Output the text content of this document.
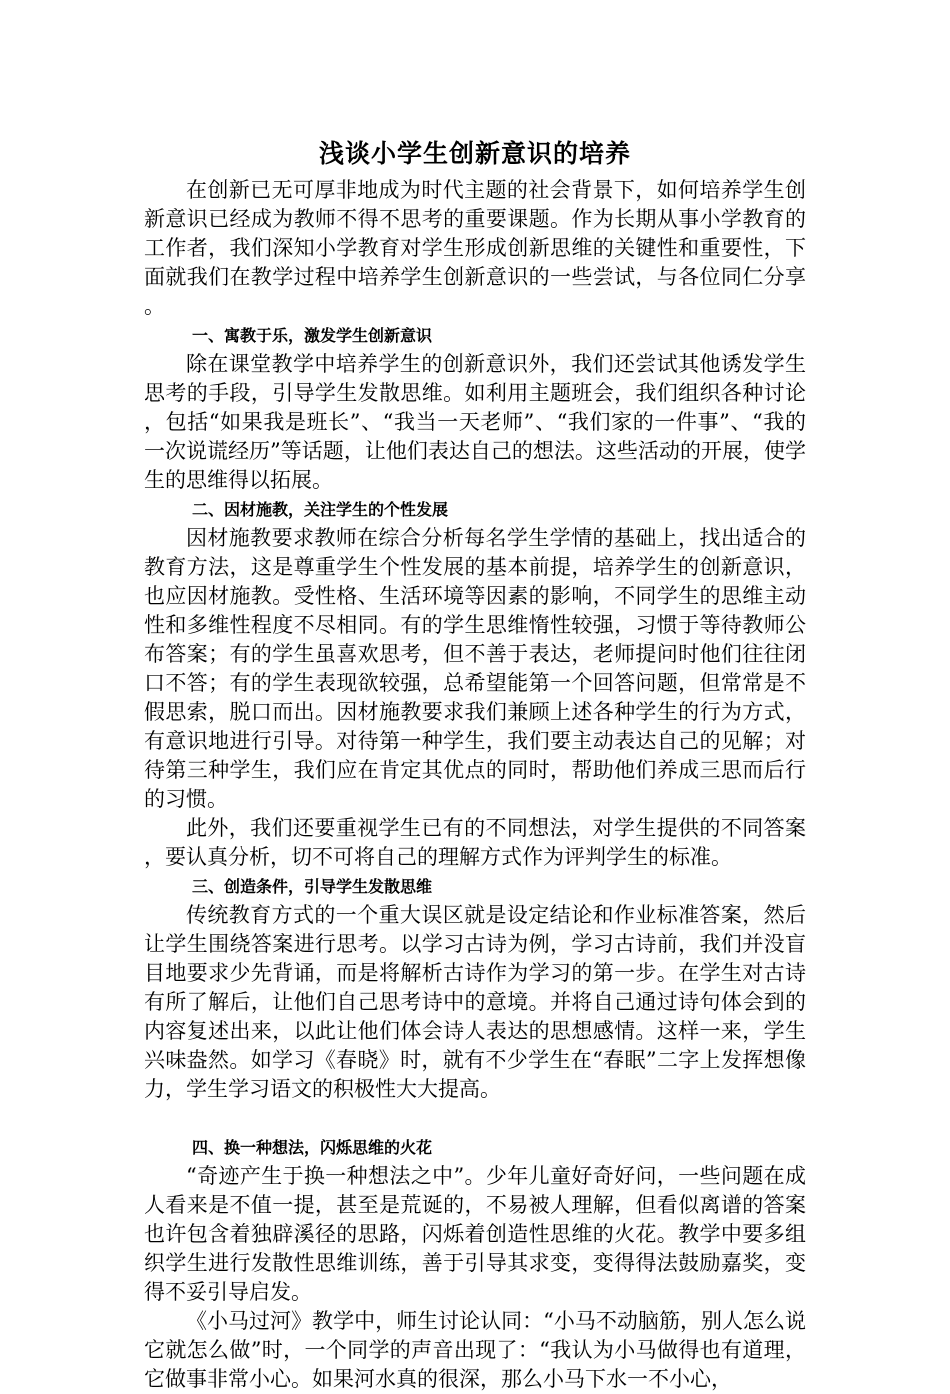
浅谈小学生创新意识的培养

在创新已无可厚非地成为时代主题的社会背景下，如何培养学生创新意识已经成为教师不得不思考的重要课题。作为长期从事小学教育的工作者，我们深知小学教育对学生形成创新思维的关键性和重要性，下面就我们在教学过程中培养学生创新意识的一些尝试，与各位同仁分享。

一、寓教于乐，激发学生创新意识

除在课堂教学中培养学生的创新意识外，我们还尝试其他诱发学生思考的手段，引导学生发散思维。如利用主题班会，我们组织各种讨论，包括“如果我是班长”、“我当一天老师”、“我们家的一件事”、“我的一次说谎经历”等话题，让他们表达自己的想法。这些活动的开展，使学生的思维得以拓展。

二、因材施教，关注学生的个性发展

因材施教要求教师在综合分析每名学生学情的基础上，找出适合的教育方法，这是尊重学生个性发展的基本前提，培养学生的创新意识，也应因材施教。受性格、生活环境等因素的影响，不同学生的思维主动性和多维性程度不尽相同。有的学生思维惰性较强，习惯于等待教师公布答案；有的学生虽喜欢思考，但不善于表达，老师提问时他们往往闭口不答；有的学生表现欲较强，总希望能第一个回答问题，但常常是不假思索，脱口而出。因材施教要求我们兼顾上述各种学生的行为方式，有意识地进行引导。对待第一种学生，我们要主动表达自己的见解；对待第三种学生，我们应在肯定其优点的同时，帮助他们养成三思而后行的习惯。

此外，我们还要重视学生已有的不同想法，对学生提供的不同答案，要认真分析，切不可将自己的理解方式作为评判学生的标准。

三、创造条件，引导学生发散思维

传统教育方式的一个重大误区就是设定结论和作业标准答案，然后让学生围绕答案进行思考。以学习古诗为例，学习古诗前，我们并没盲目地要求少先背诵，而是将解析古诗作为学习的第一步。在学生对古诗有所了解后，让他们自己思考诗中的意境。并将自己通过诗句体会到的内容复述出来，以此让他们体会诗人表达的思想感情。这样一来，学生兴味盎然。如学习《春晓》时，就有不少学生在“春眠”二字上发挥想像力，学生学习语文的积极性大大提高。

四、换一种想法，闪烁思维的火花

“奇迹产生于换一种想法之中”。少年儿童好奇好问，一些问题在成人看来是不值一提，甚至是荒诞的，不易被人理解，但看似离谱的答案也许包含着独辟溪径的思路，闪烁着创造性思维的火花。教学中要多组织学生进行发散性思维训练，善于引导其求变，变得得法鼓励嘉奖，变得不妥引导启发。

《小马过河》教学中，师生讨论认同：“小马不动脑筋，别人怎么说它就怎么做”时，一个同学的声音出现了：“我认为小马做得也有道理，它做事非常小心。如果河水真的很深，那么小马下水一不小心，
